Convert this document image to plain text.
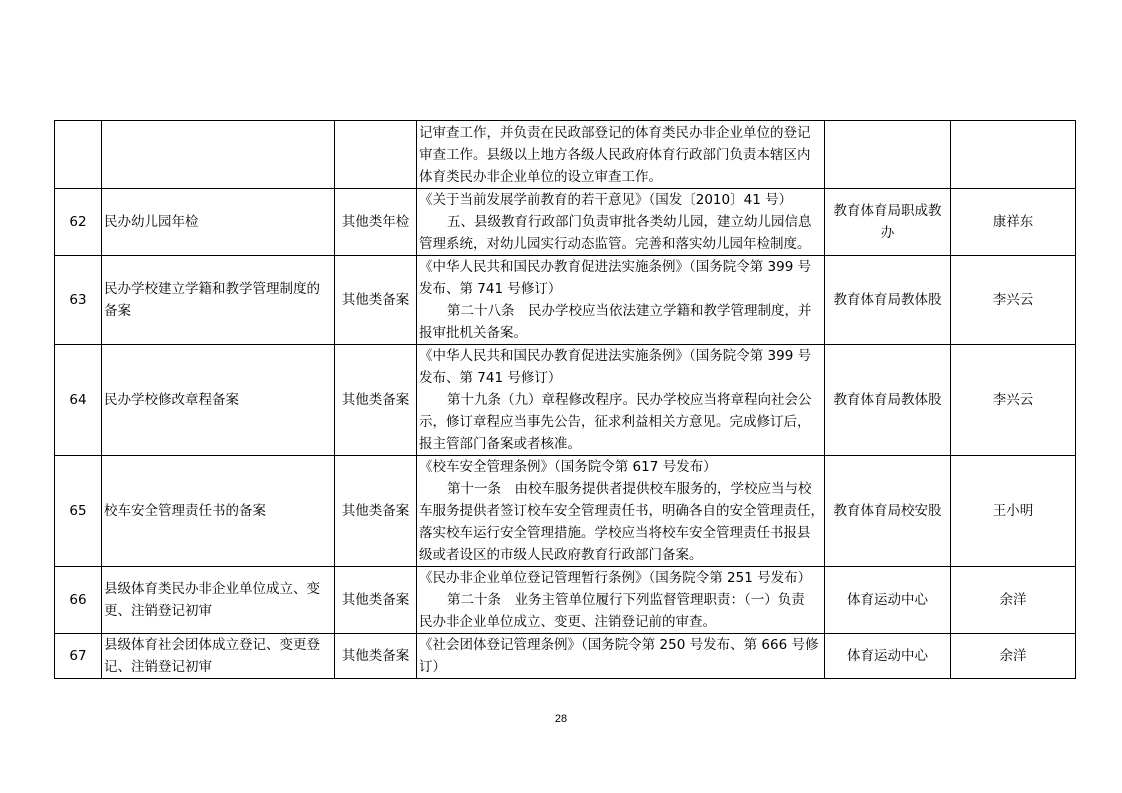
			记审查工作，并负责在民政部登记的体育类民办非企业单位的登记
审查工作。县级以上地方各级人民政府体育行政部门负责本辖区内
体育类民办非企业单位的设立审查工作。		

62	民办幼儿园年检	其他类年检	《关于当前发展学前教育的若干意见》（国发〔2010〕41 号）
五、县级教育行政部门负责审批各类幼儿园，建立幼儿园信息
管理系统，对幼儿园实行动态监管。完善和落实幼儿园年检制度。	教育体育局职成教
办	康祥东
63	民办学校建立学籍和教学管理制度的
备案	其他类备案	《中华人民共和国民办教育促进法实施条例》（国务院令第 399 号
发布、第 741 号修订）
第二十八条　民办学校应当依法建立学籍和教学管理制度，并
报审批机关备案。	教育体育局教体股	李兴云
64	民办学校修改章程备案	其他类备案	《中华人民共和国民办教育促进法实施条例》（国务院令第 399 号
发布、第 741 号修订）
第十九条（九）章程修改程序。民办学校应当将章程向社会公
示，修订章程应当事先公告，征求利益相关方意见。完成修订后，
报主管部门备案或者核准。	教育体育局教体股	李兴云
65	校车安全管理责任书的备案	其他类备案	《校车安全管理条例》（国务院令第 617 号发布）
第十一条　由校车服务提供者提供校车服务的，学校应当与校
车服务提供者签订校车安全管理责任书，明确各自的安全管理责任，
落实校车运行安全管理措施。学校应当将校车安全管理责任书报县
级或者设区的市级人民政府教育行政部门备案。	教育体育局校安股	王小明
66	县级体育类民办非企业单位成立、变
更、注销登记初审	其他类备案	《民办非企业单位登记管理暂行条例》（国务院令第 251 号发布）
第二十条　业务主管单位履行下列监督管理职责：（一）负责
民办非企业单位成立、变更、注销登记前的审查。	体育运动中心	余洋
67	县级体育社会团体成立登记、变更登
记、注销登记初审	其他类备案	《社会团体登记管理条例》（国务院令第 250 号发布、第 666 号修
订）	体育运动中心	余洋
28
